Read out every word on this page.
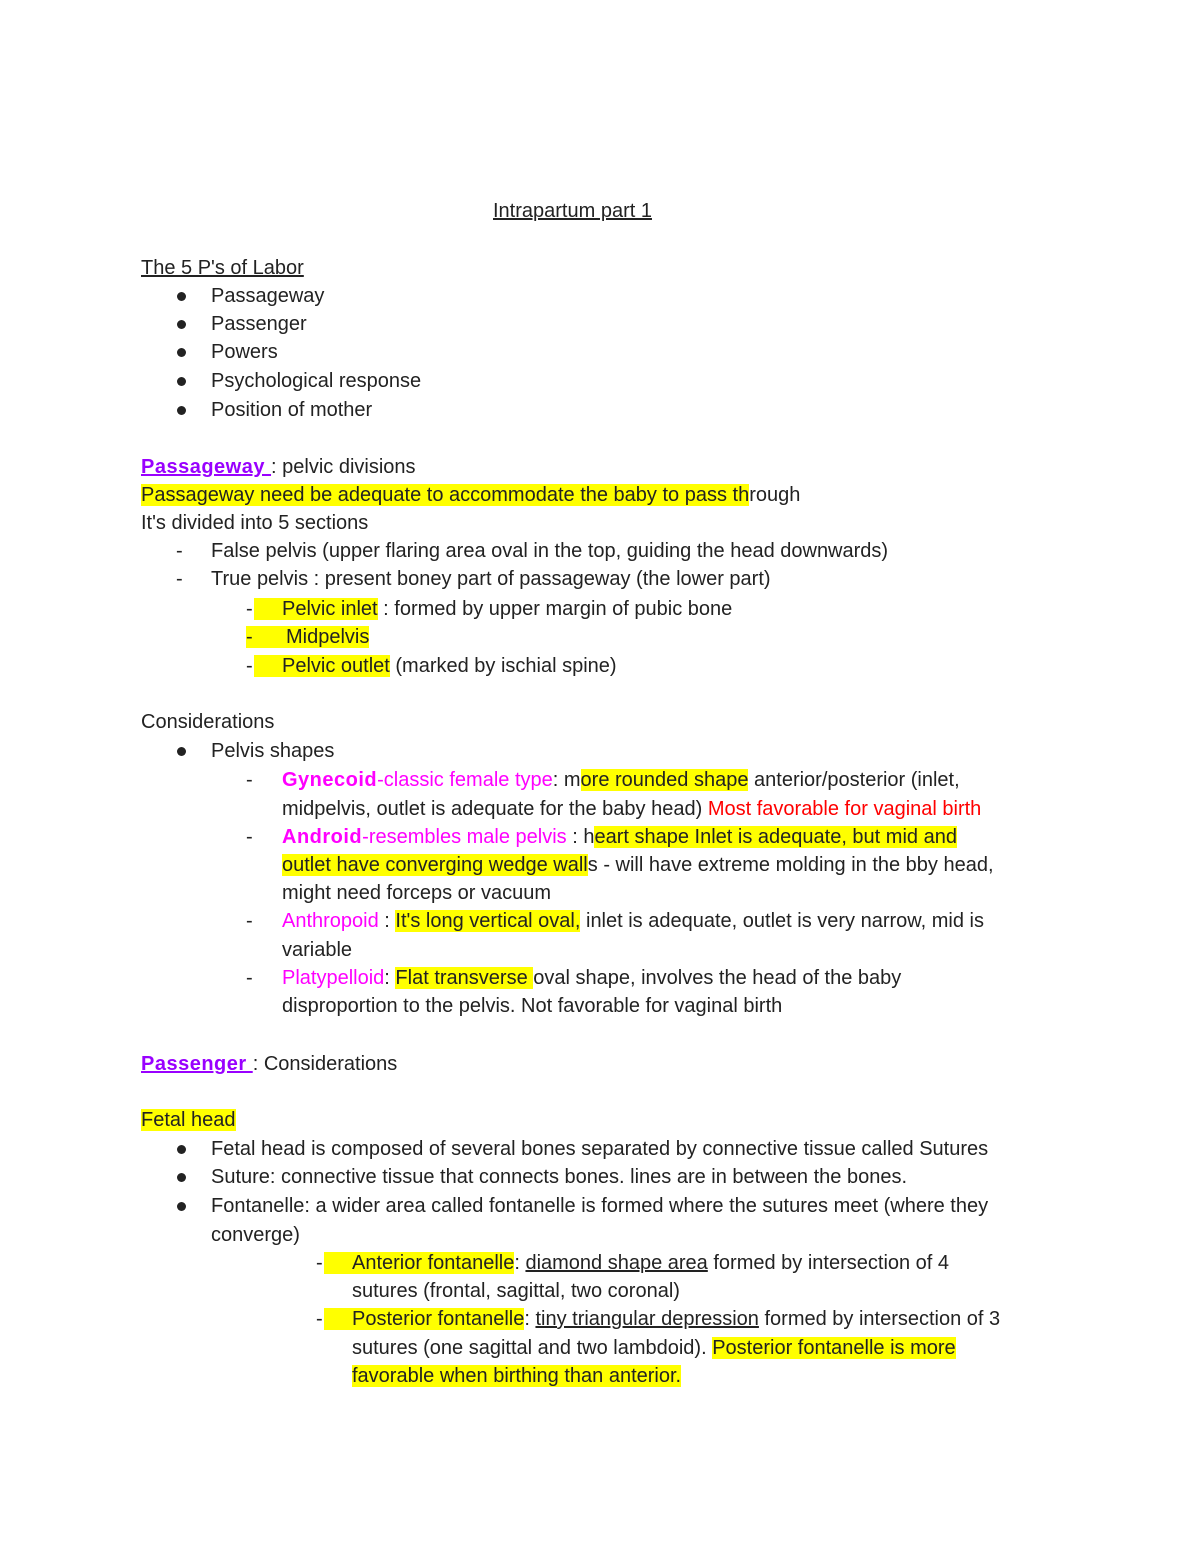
Intrapartum part 1
The 5 P's of Labor
Passageway
Passenger
Powers
Psychological response
Position of mother
Passageway : pelvic divisions
Passageway need be adequate to accommodate the baby to pass through
It's divided into 5 sections
- False pelvis (upper flaring area oval in the top, guiding the head downwards)
- True pelvis : present boney part of passageway (the lower part)
-	Pelvic inlet : formed by upper margin of pubic bone
-      Midpelvis
-	Pelvic outlet (marked by ischial spine)
Considerations
Pelvis shapes
- Gynecoid-classic female type: more rounded shape anterior/posterior (inlet,
midpelvis, outlet is adequate for the baby head) Most favorable for vaginal birth
- Android-resembles male pelvis : heart shape Inlet is adequate, but mid and
outlet have converging wedge walls - will have extreme molding in the bby head,
might need forceps or vacuum
- Anthropoid : It's long vertical oval, inlet is adequate, outlet is very narrow, mid is
variable
- Platypelloid: Flat transverse oval shape, involves the head of the baby
disproportion to the pelvis. Not favorable for vaginal birth
Passenger : Considerations
Fetal head
Fetal head is composed of several bones separated by connective tissue called Sutures
Suture: connective tissue that connects bones. lines are in between the bones.
Fontanelle: a wider area called fontanelle is formed where the sutures meet (where they
converge)
-	Anterior fontanelle: diamond shape area formed by intersection of 4
sutures (frontal, sagittal, two coronal)
-	Posterior fontanelle: tiny triangular depression formed by intersection of 3
sutures (one sagittal and two lambdoid). Posterior fontanelle is more
favorable when birthing than anterior.
